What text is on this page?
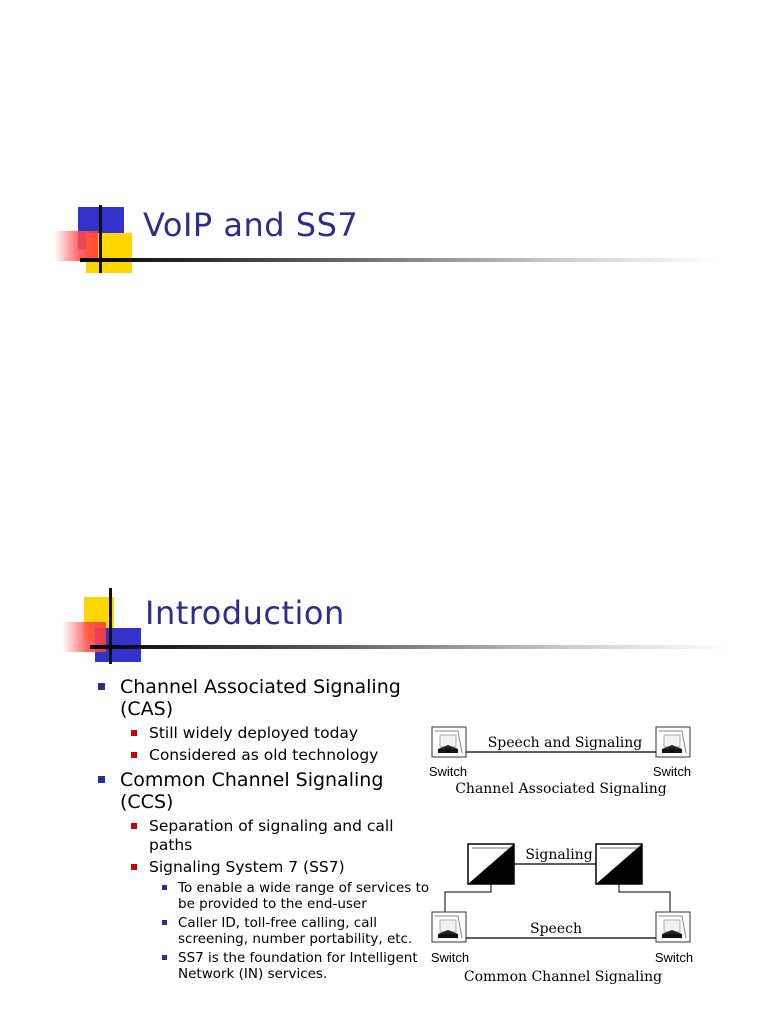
VoIP and SS7
Introduction
Channel Associated Signaling (CAS)
Still widely deployed today
Considered as old technology
Common Channel Signaling (CCS)
Separation of signaling and call paths
Signaling System 7 (SS7)
To enable a wide range of services to be provided to the end-user
Caller ID, toll-free calling, call screening, number portability, etc.
SS7 is the foundation for Intelligent Network (IN) services.
Speech and Signaling
Switch	Switch
Channel Associated Signaling
Signaling
Speech
Switch	Switch
Common Channel Signaling
